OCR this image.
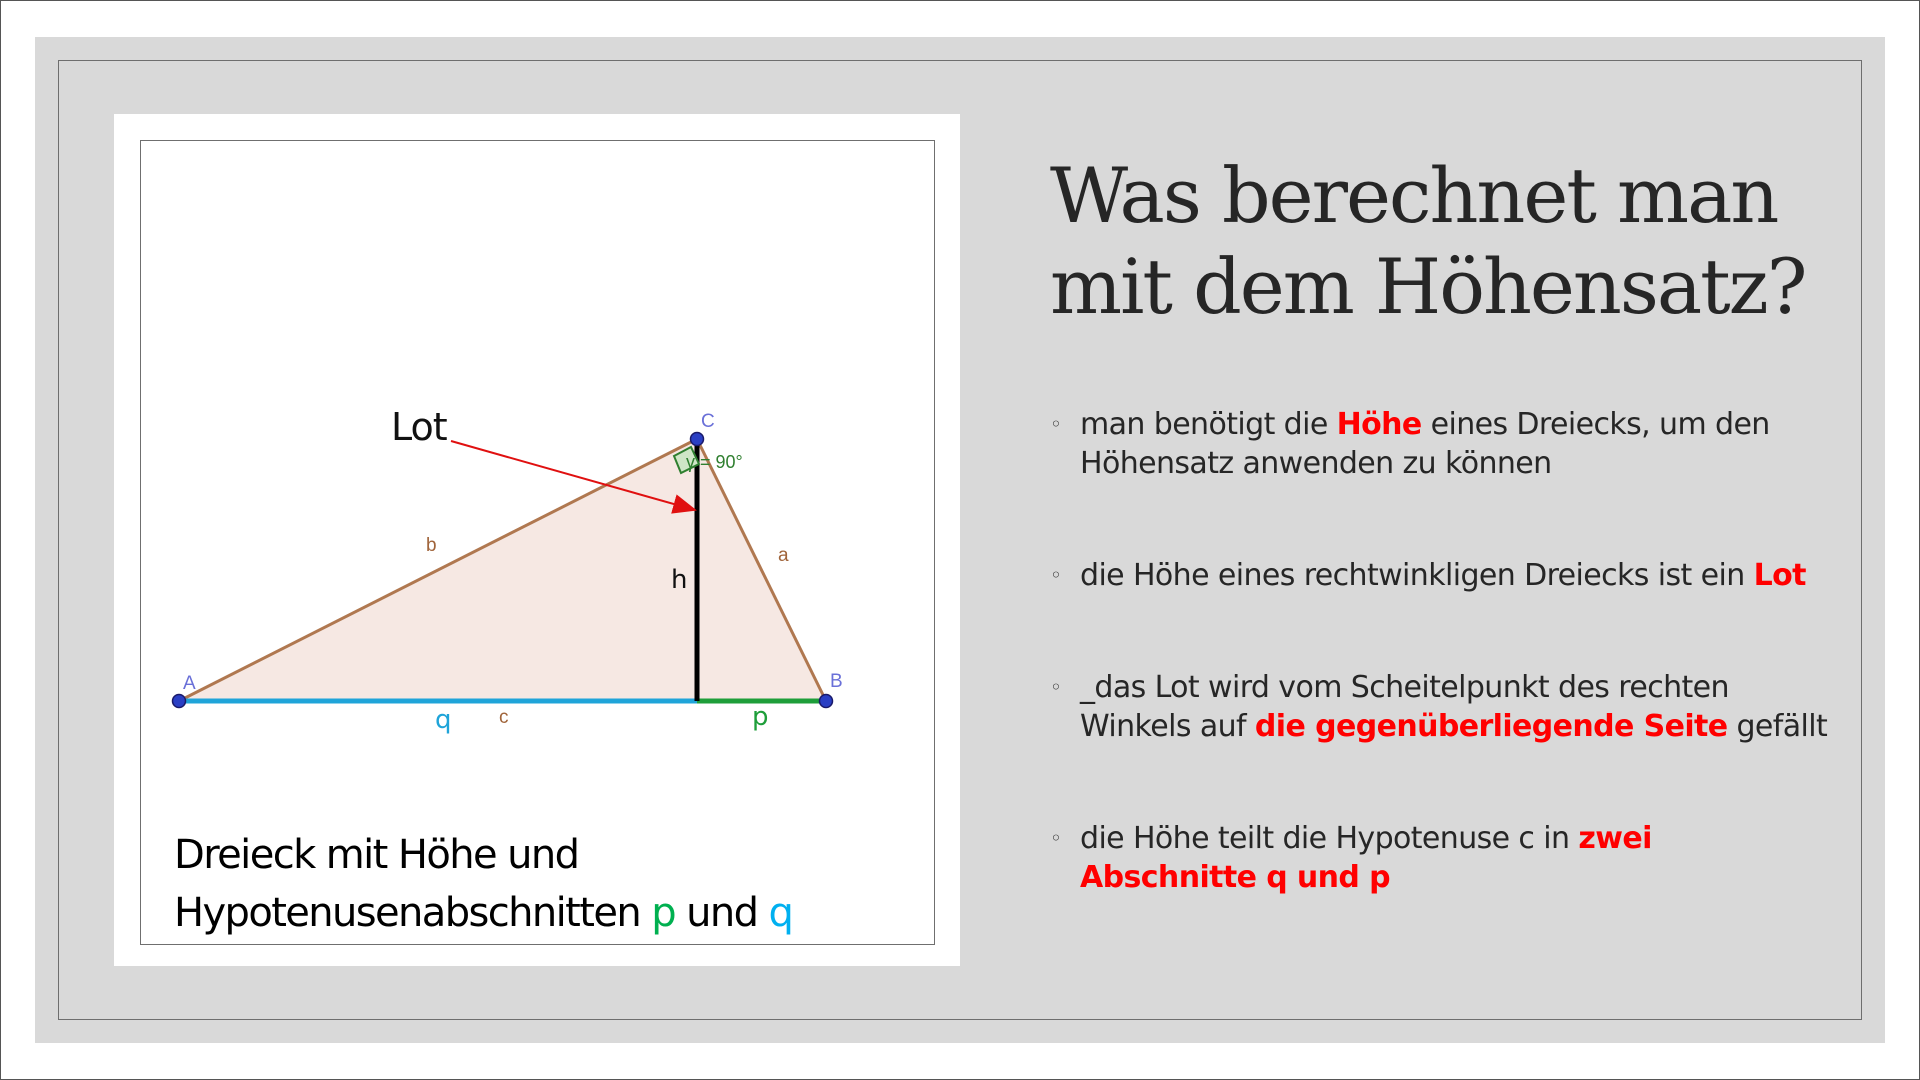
Lot
A	B
C
b	a
c
h
q	p
γ = 90°
Dreieck mit Höhe und
Hypotenusenabschnitten p und q
Was berechnet man mit dem Höhensatz?
◦ man benötigt die Höhe eines Dreiecks, um den Höhensatz anwenden zu können
◦ die Höhe eines rechtwinkligen Dreiecks ist ein Lot
◦ _das Lot wird vom Scheitelpunkt des rechten Winkels auf die gegenüberliegende Seite gefällt
◦ die Höhe teilt die Hypotenuse c in zwei Abschnitte q und p
